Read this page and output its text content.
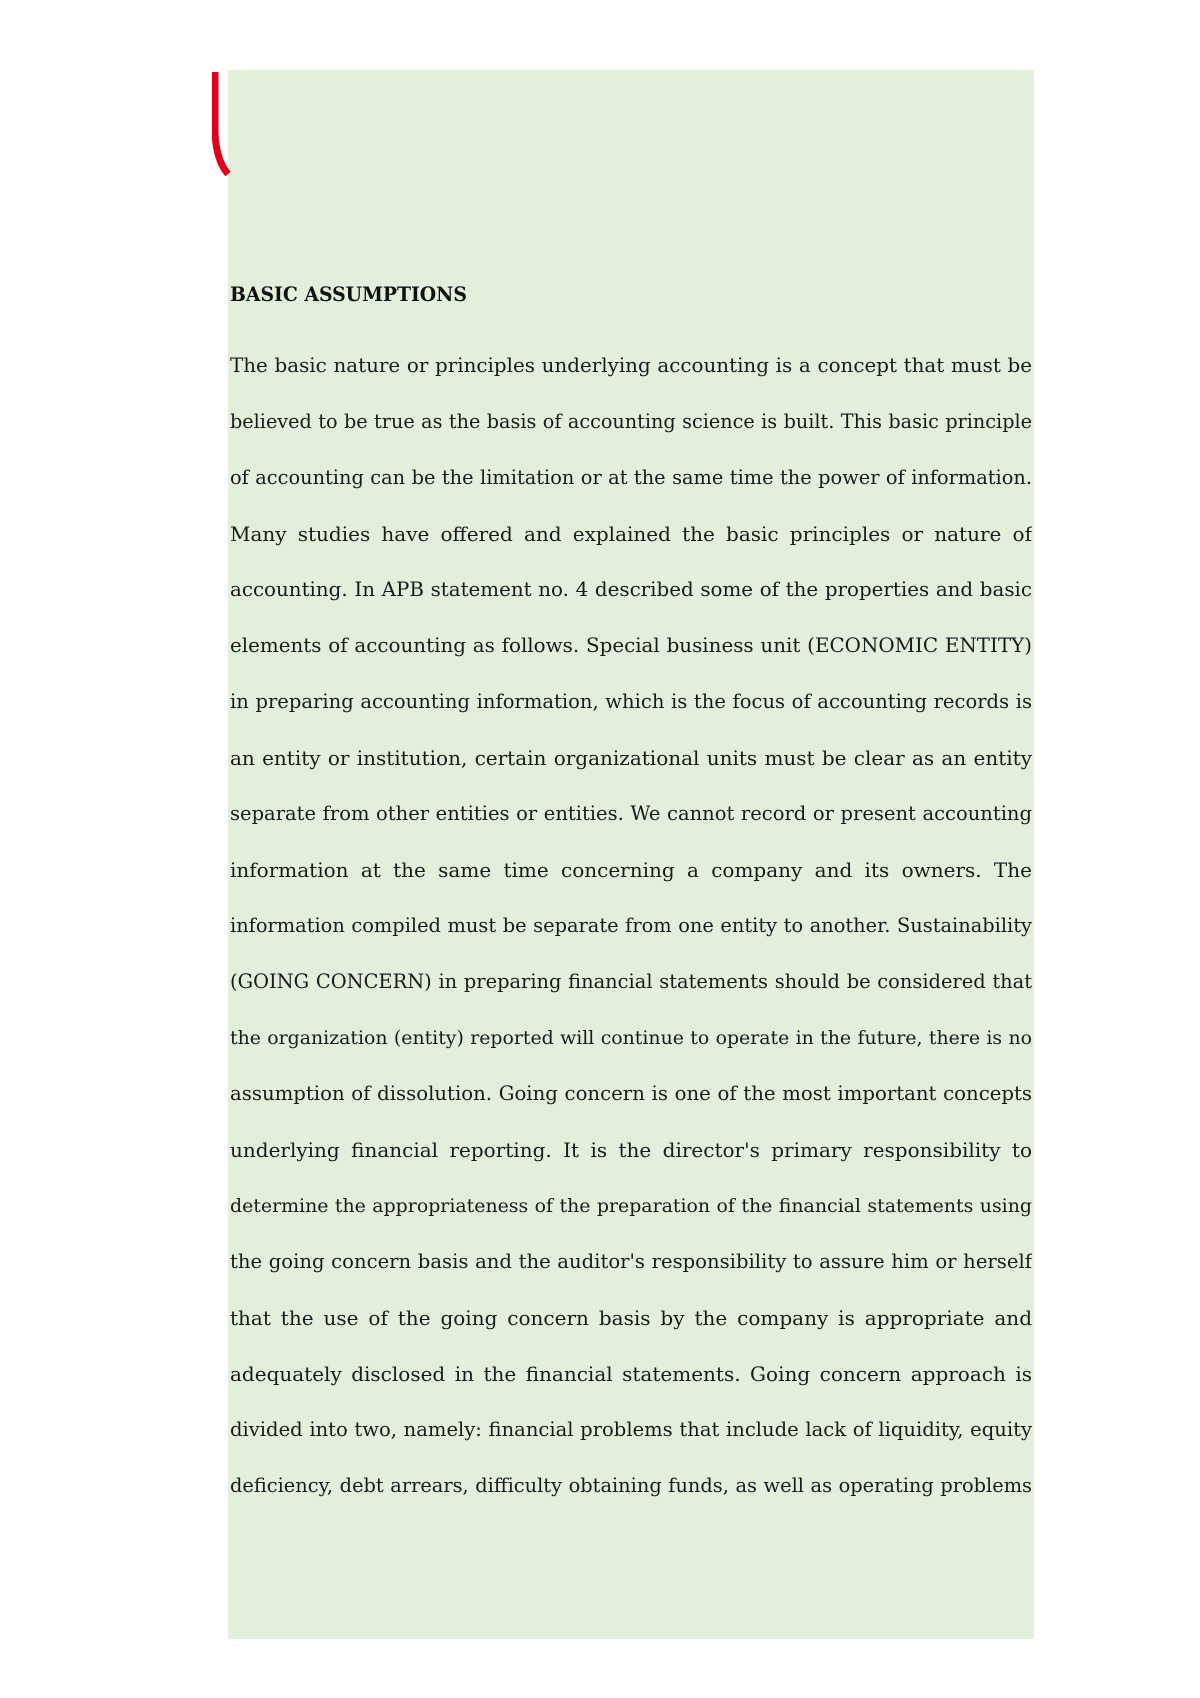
BASIC ASSUMPTIONS
The basic nature or principles underlying accounting is a concept that must be
believed to be true as the basis of accounting science is built. This basic principle
of accounting can be the limitation or at the same time the power of information.
Many studies have offered and explained the basic principles or nature of
accounting. In APB statement no. 4 described some of the properties and basic
elements of accounting as follows. Special business unit (ECONOMIC ENTITY)
in preparing accounting information, which is the focus of accounting records is
an entity or institution, certain organizational units must be clear as an entity
separate from other entities or entities. We cannot record or present accounting
information at the same time concerning a company and its owners. The
information compiled must be separate from one entity to another. Sustainability
(GOING CONCERN) in preparing financial statements should be considered that
the organization (entity) reported will continue to operate in the future, there is no
assumption of dissolution. Going concern is one of the most important concepts
underlying financial reporting. It is the director's primary responsibility to
determine the appropriateness of the preparation of the financial statements using
the going concern basis and the auditor's responsibility to assure him or herself
that the use of the going concern basis by the company is appropriate and
adequately disclosed in the financial statements. Going concern approach is
divided into two, namely: financial problems that include lack of liquidity, equity
deficiency, debt arrears, difficulty obtaining funds, as well as operating problems
